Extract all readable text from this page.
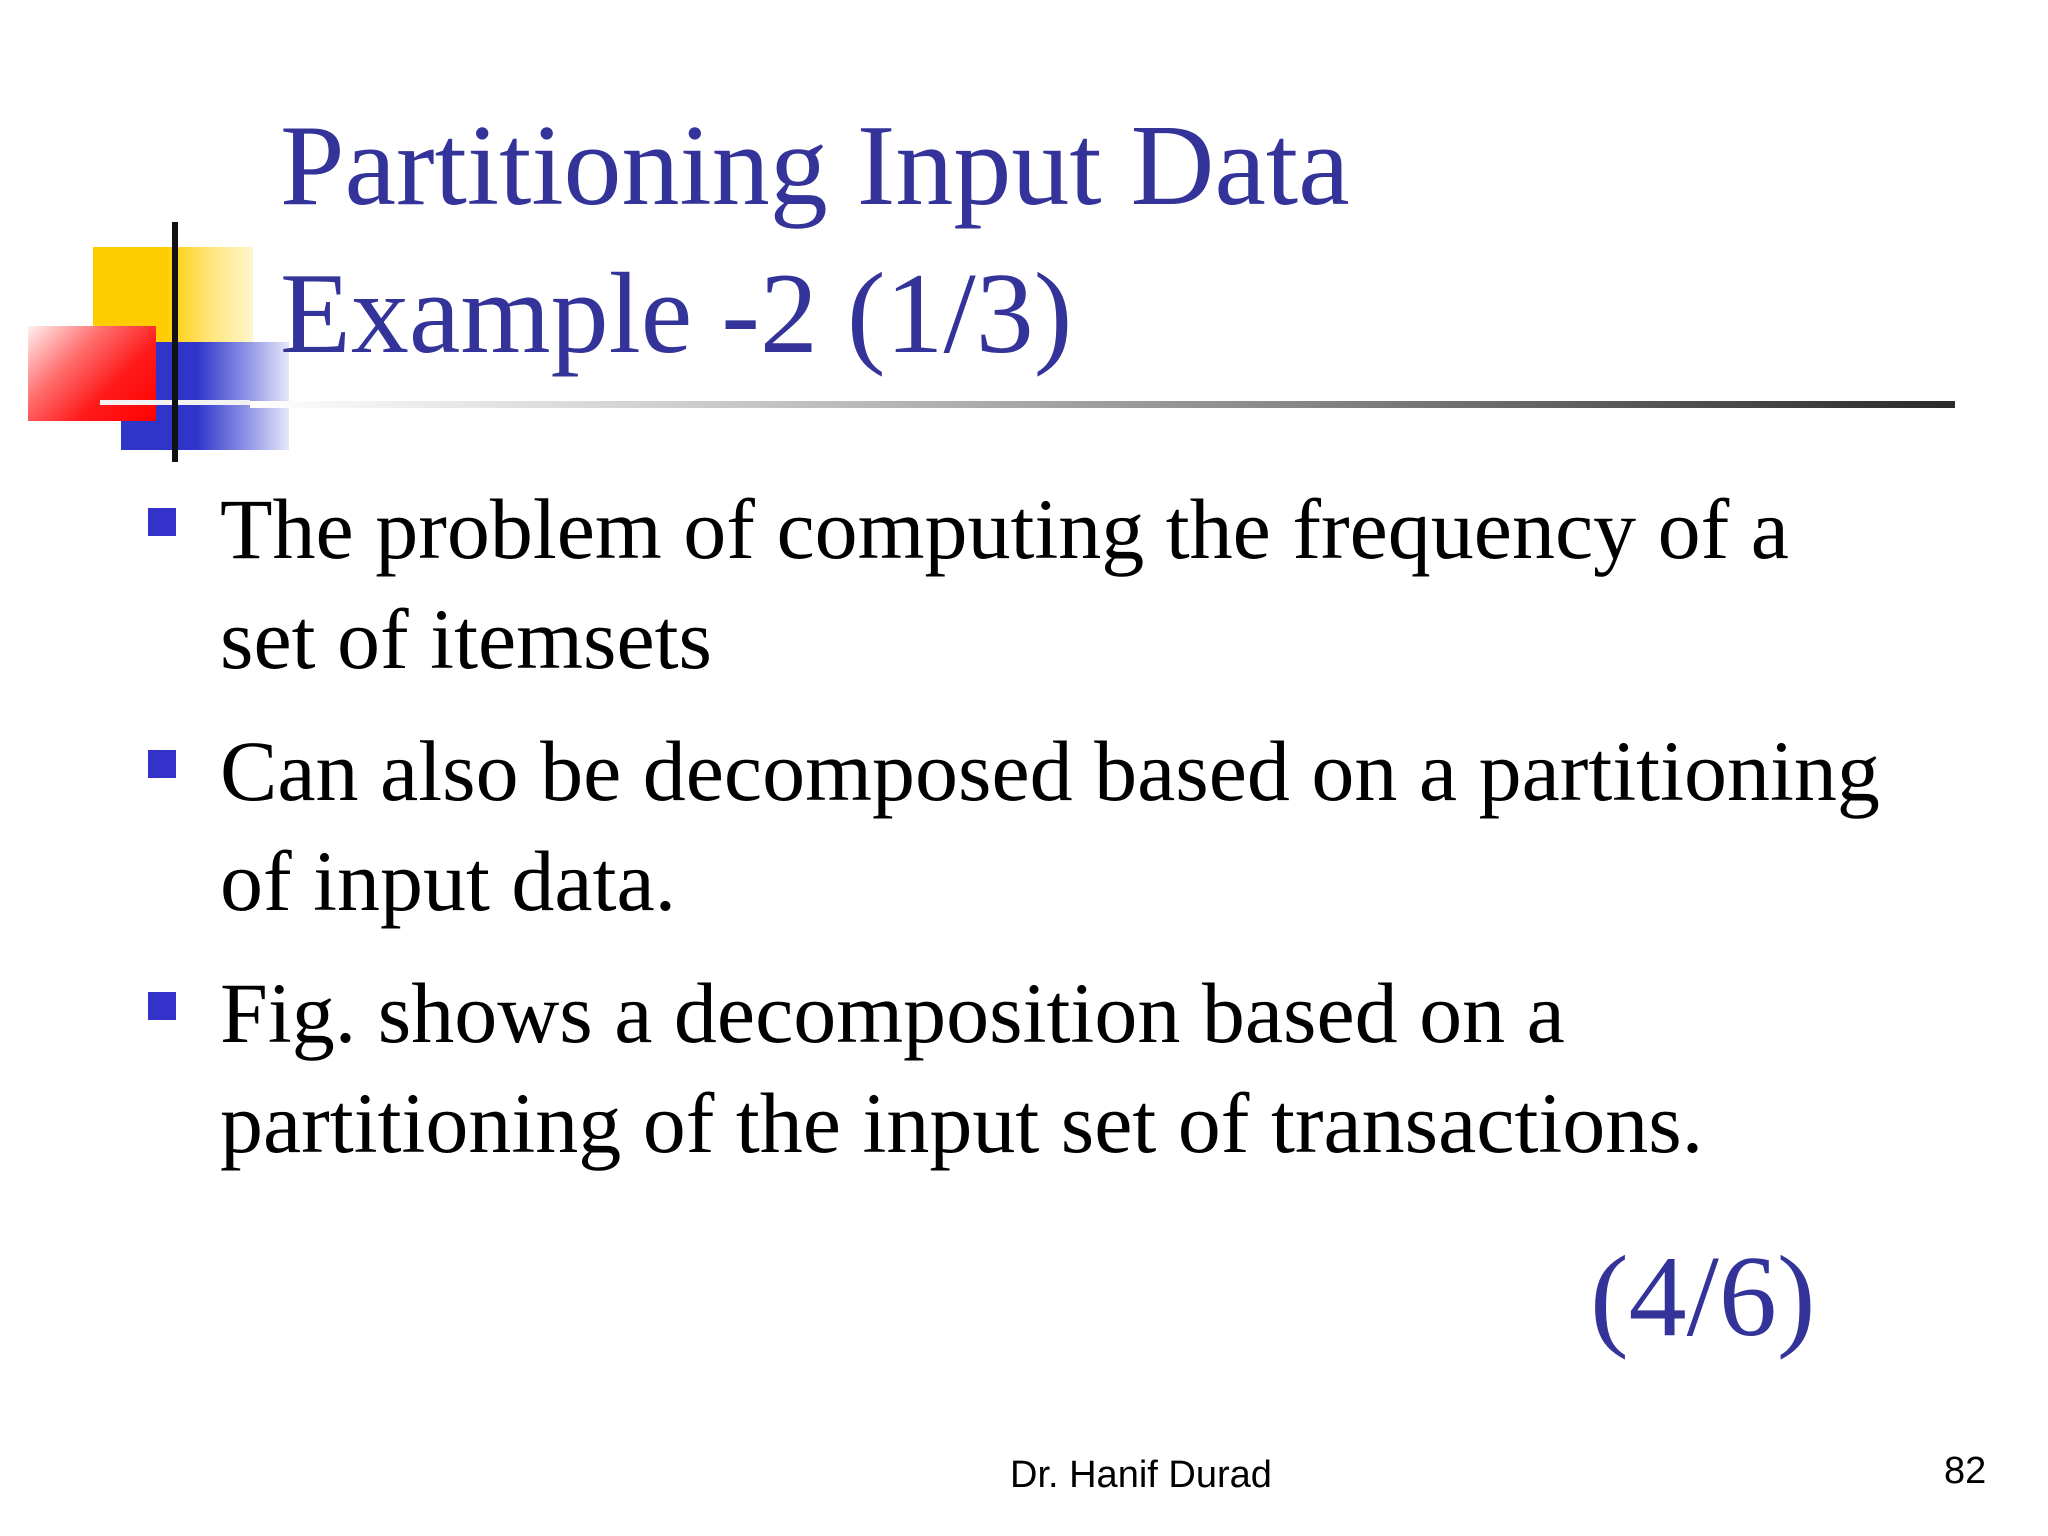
Partitioning Input Data
Example -2 (1/3)
The problem of computing the frequency of a
set of itemsets
Can also be decomposed based on a partitioning
of input data.
Fig. shows a decomposition based on a
partitioning of the input set of transactions.
(4/6)
Dr. Hanif Durad	82
